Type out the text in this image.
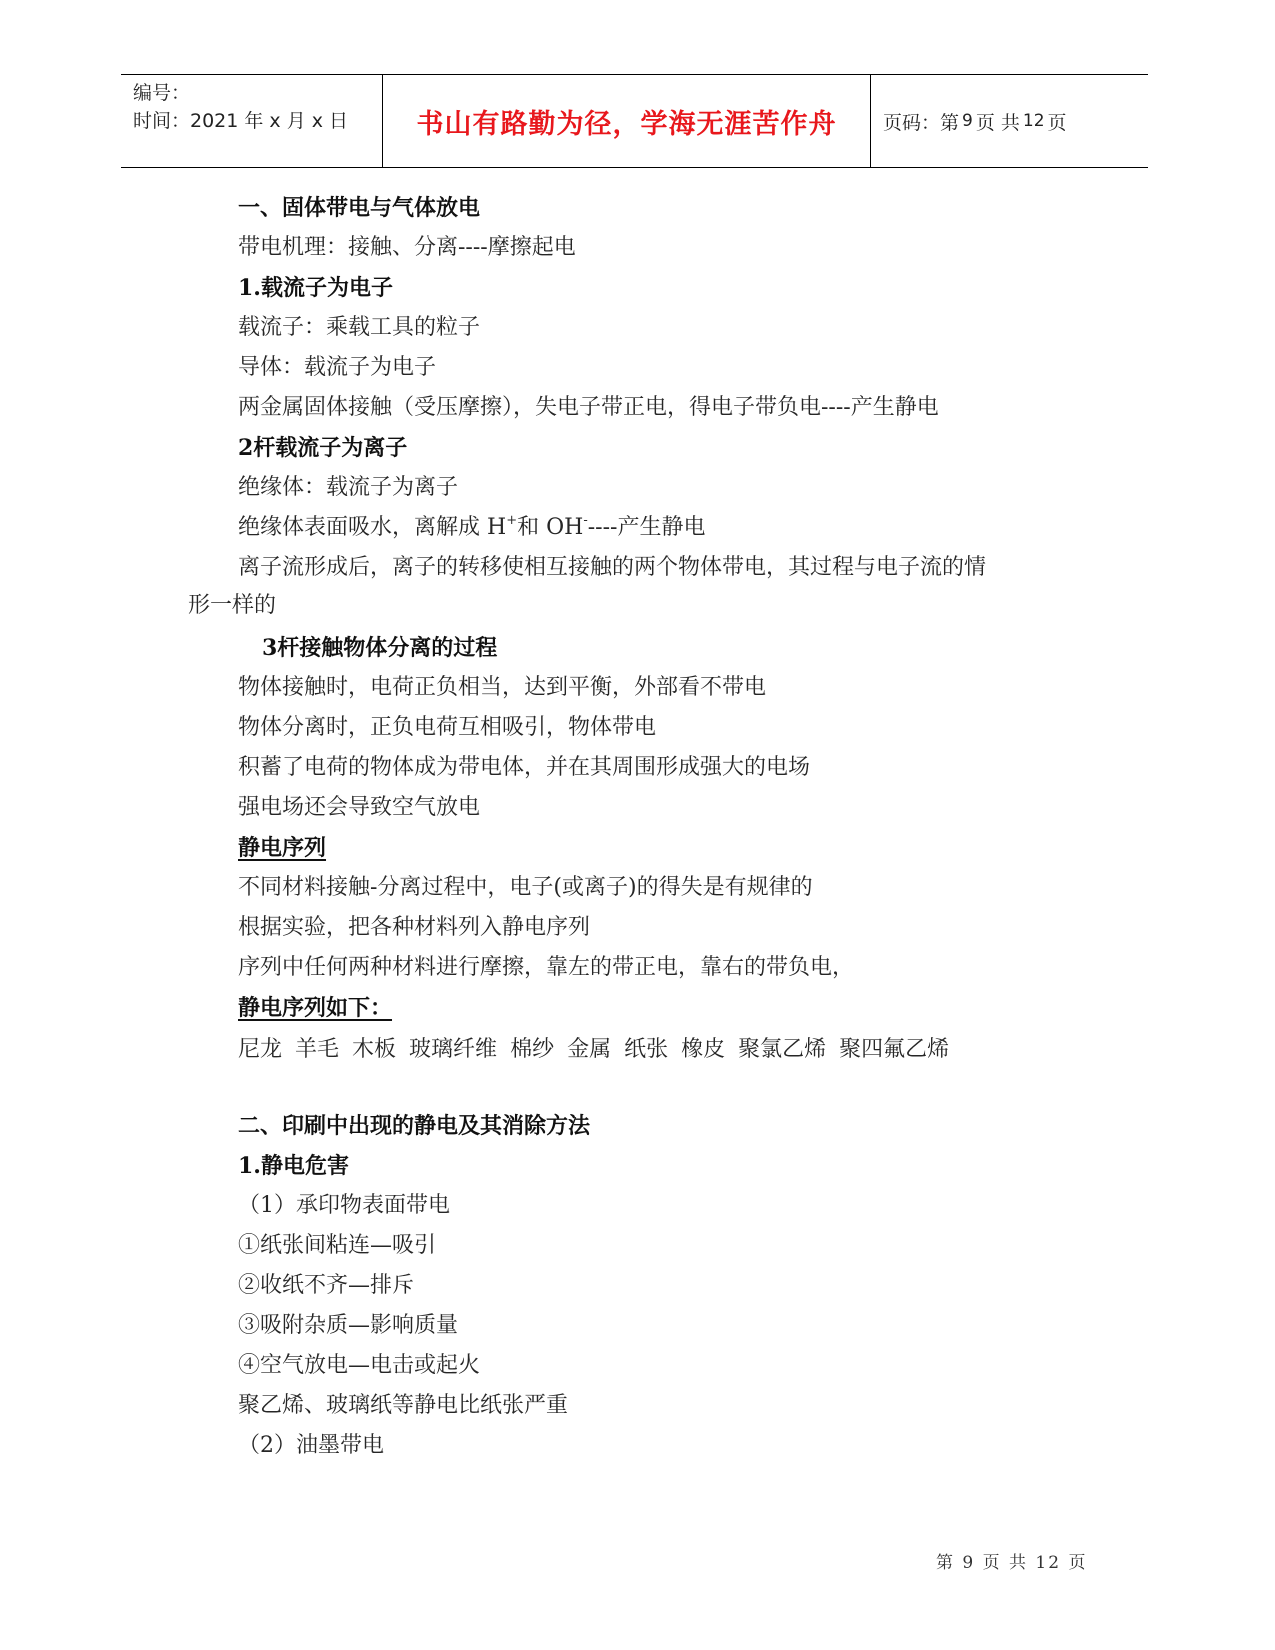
编号：
时间：2021 年 x 月 x 日	书山有路勤为径，学海无涯苦作舟	页码：第 9 页 共 12 页
一、固体带电与气体放电
带电机理：接触、分离----摩擦起电
1.载流子为电子
载流子：乘载工具的粒子
导体：载流子为电子
两金属固体接触（受压摩擦），失电子带正电，得电子带负电----产生静电
2杆载流子为离子
绝缘体：载流子为离子
绝缘体表面吸水，离解成 H+和 OH-----产生静电
离子流形成后，离子的转移使相互接触的两个物体带电，其过程与电子流的情
形一样的
3杆接触物体分离的过程
物体接触时，电荷正负相当，达到平衡，外部看不带电
物体分离时，正负电荷互相吸引，物体带电
积蓄了电荷的物体成为带电体，并在其周围形成强大的电场
强电场还会导致空气放电
静电序列
不同材料接触-分离过程中，电子(或离子)的得失是有规律的
根据实验，把各种材料列入静电序列
序列中任何两种材料进行摩擦，靠左的带正电，靠右的带负电，
静电序列如下：
尼龙 羊毛 木板 玻璃纤维 棉纱 金属 纸张 橡皮 聚氯乙烯 聚四氟乙烯
二、印刷中出现的静电及其消除方法
1.静电危害
（1）承印物表面带电
①纸张间粘连—吸引
②收纸不齐—排斥
③吸附杂质—影响质量
④空气放电—电击或起火
聚乙烯、玻璃纸等静电比纸张严重
（2）油墨带电
第 9 页 共 12 页
